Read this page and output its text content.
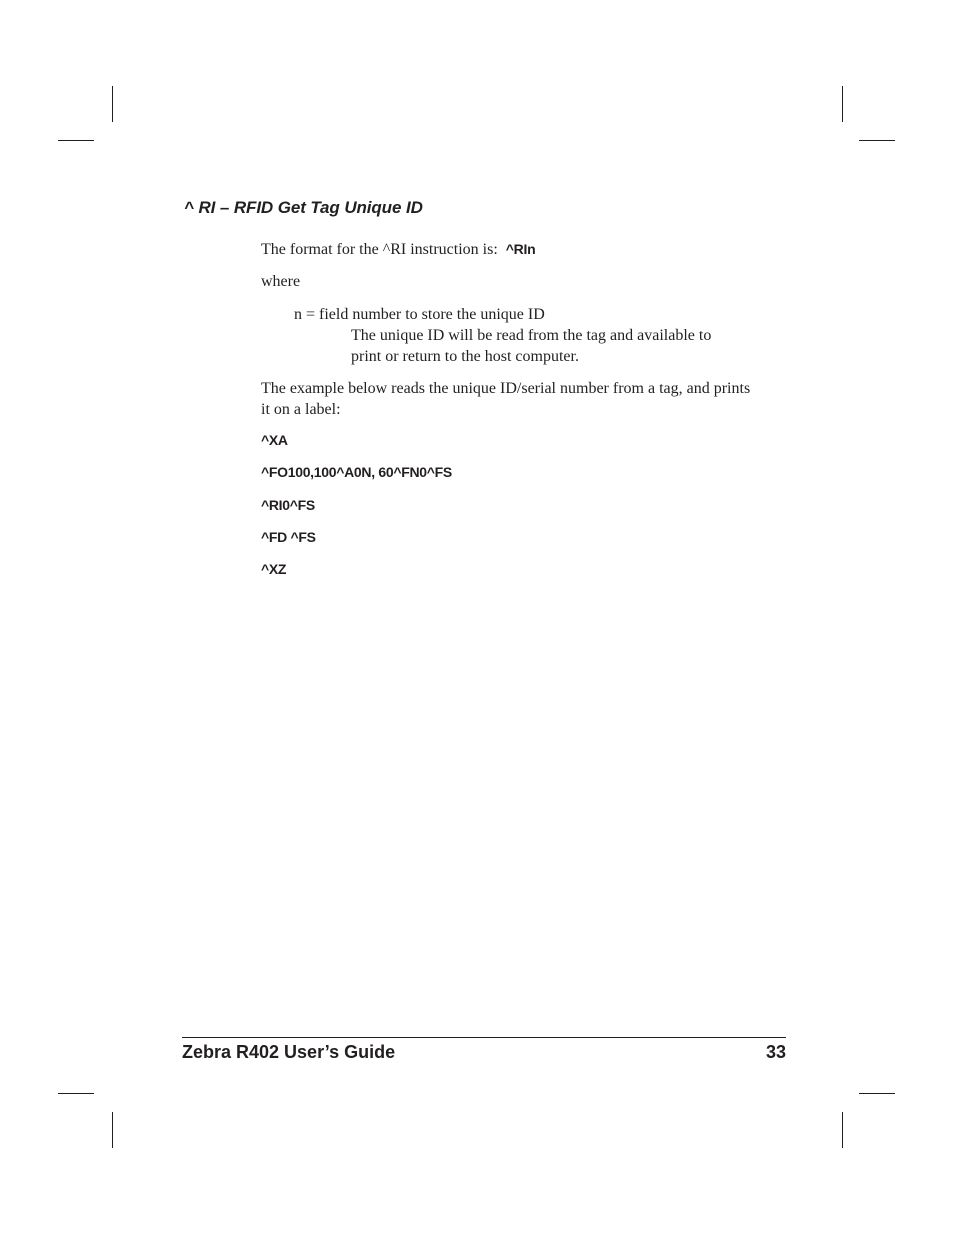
^ RI – RFID Get Tag Unique ID
The format for the ^RI instruction is: ^RIn
where
n = field number to store the unique ID
The unique ID will be read from the tag and available to
print or return to the host computer.
The example below reads the unique ID/serial number from a tag, and prints
it on a label:
^XA
^FO100,100^A0N, 60^FN0^FS
^RI0^FS
^FD ^FS
^XZ
Zebra R402 User’s Guide	33
